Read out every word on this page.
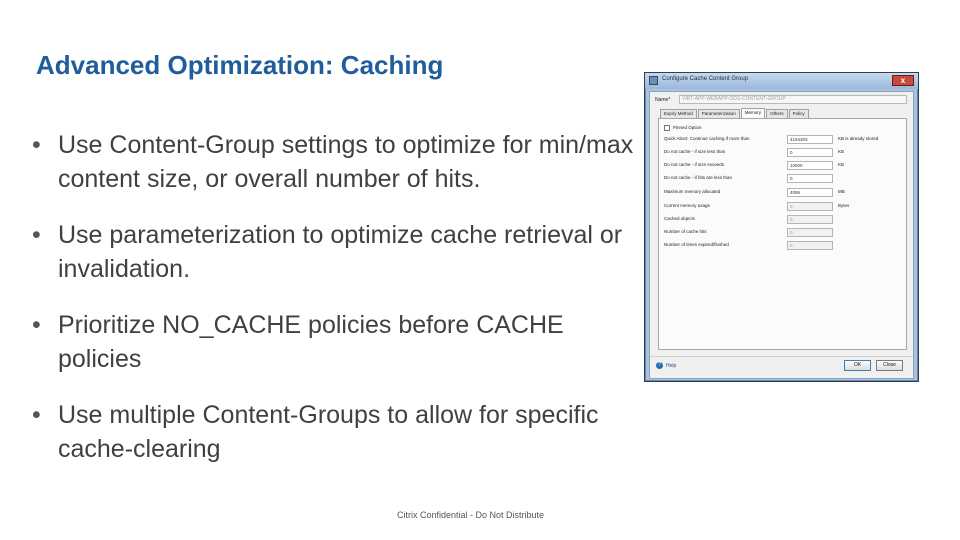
Advanced Optimization: Caching
• Use Content-Group settings to optimize for min/max content size, or overall number of hits.
• Use parameterization to optimize cache retrieval or invalidation.
• Prioritize NO_CACHE policies before CACHE policies
• Use multiple Content-Groups to allow for specific cache-clearing
Citrix Confidential - Do Not Distribute
Configure Cache Content Group	x
Name*	VIRT-APP-WEBAPP-ODS-CONTENT-GROUP
Expiry Method	Parameterization	Memory	Others	Policy
Pinned Option
Quick Abort: Continue caching if more than	4194303	KB is already stored
Do not cache - if size less than	0	KB
Do not cache - if size exceeds	10000	KB
Do not cache - if hits are less than	0
Maximum memory allocated	4095	MB
Current memory usage	0	Bytes
Cached objects	0
Number of cache hits	0
Number of times expired/flushed	0
?	Help	OK	Close
